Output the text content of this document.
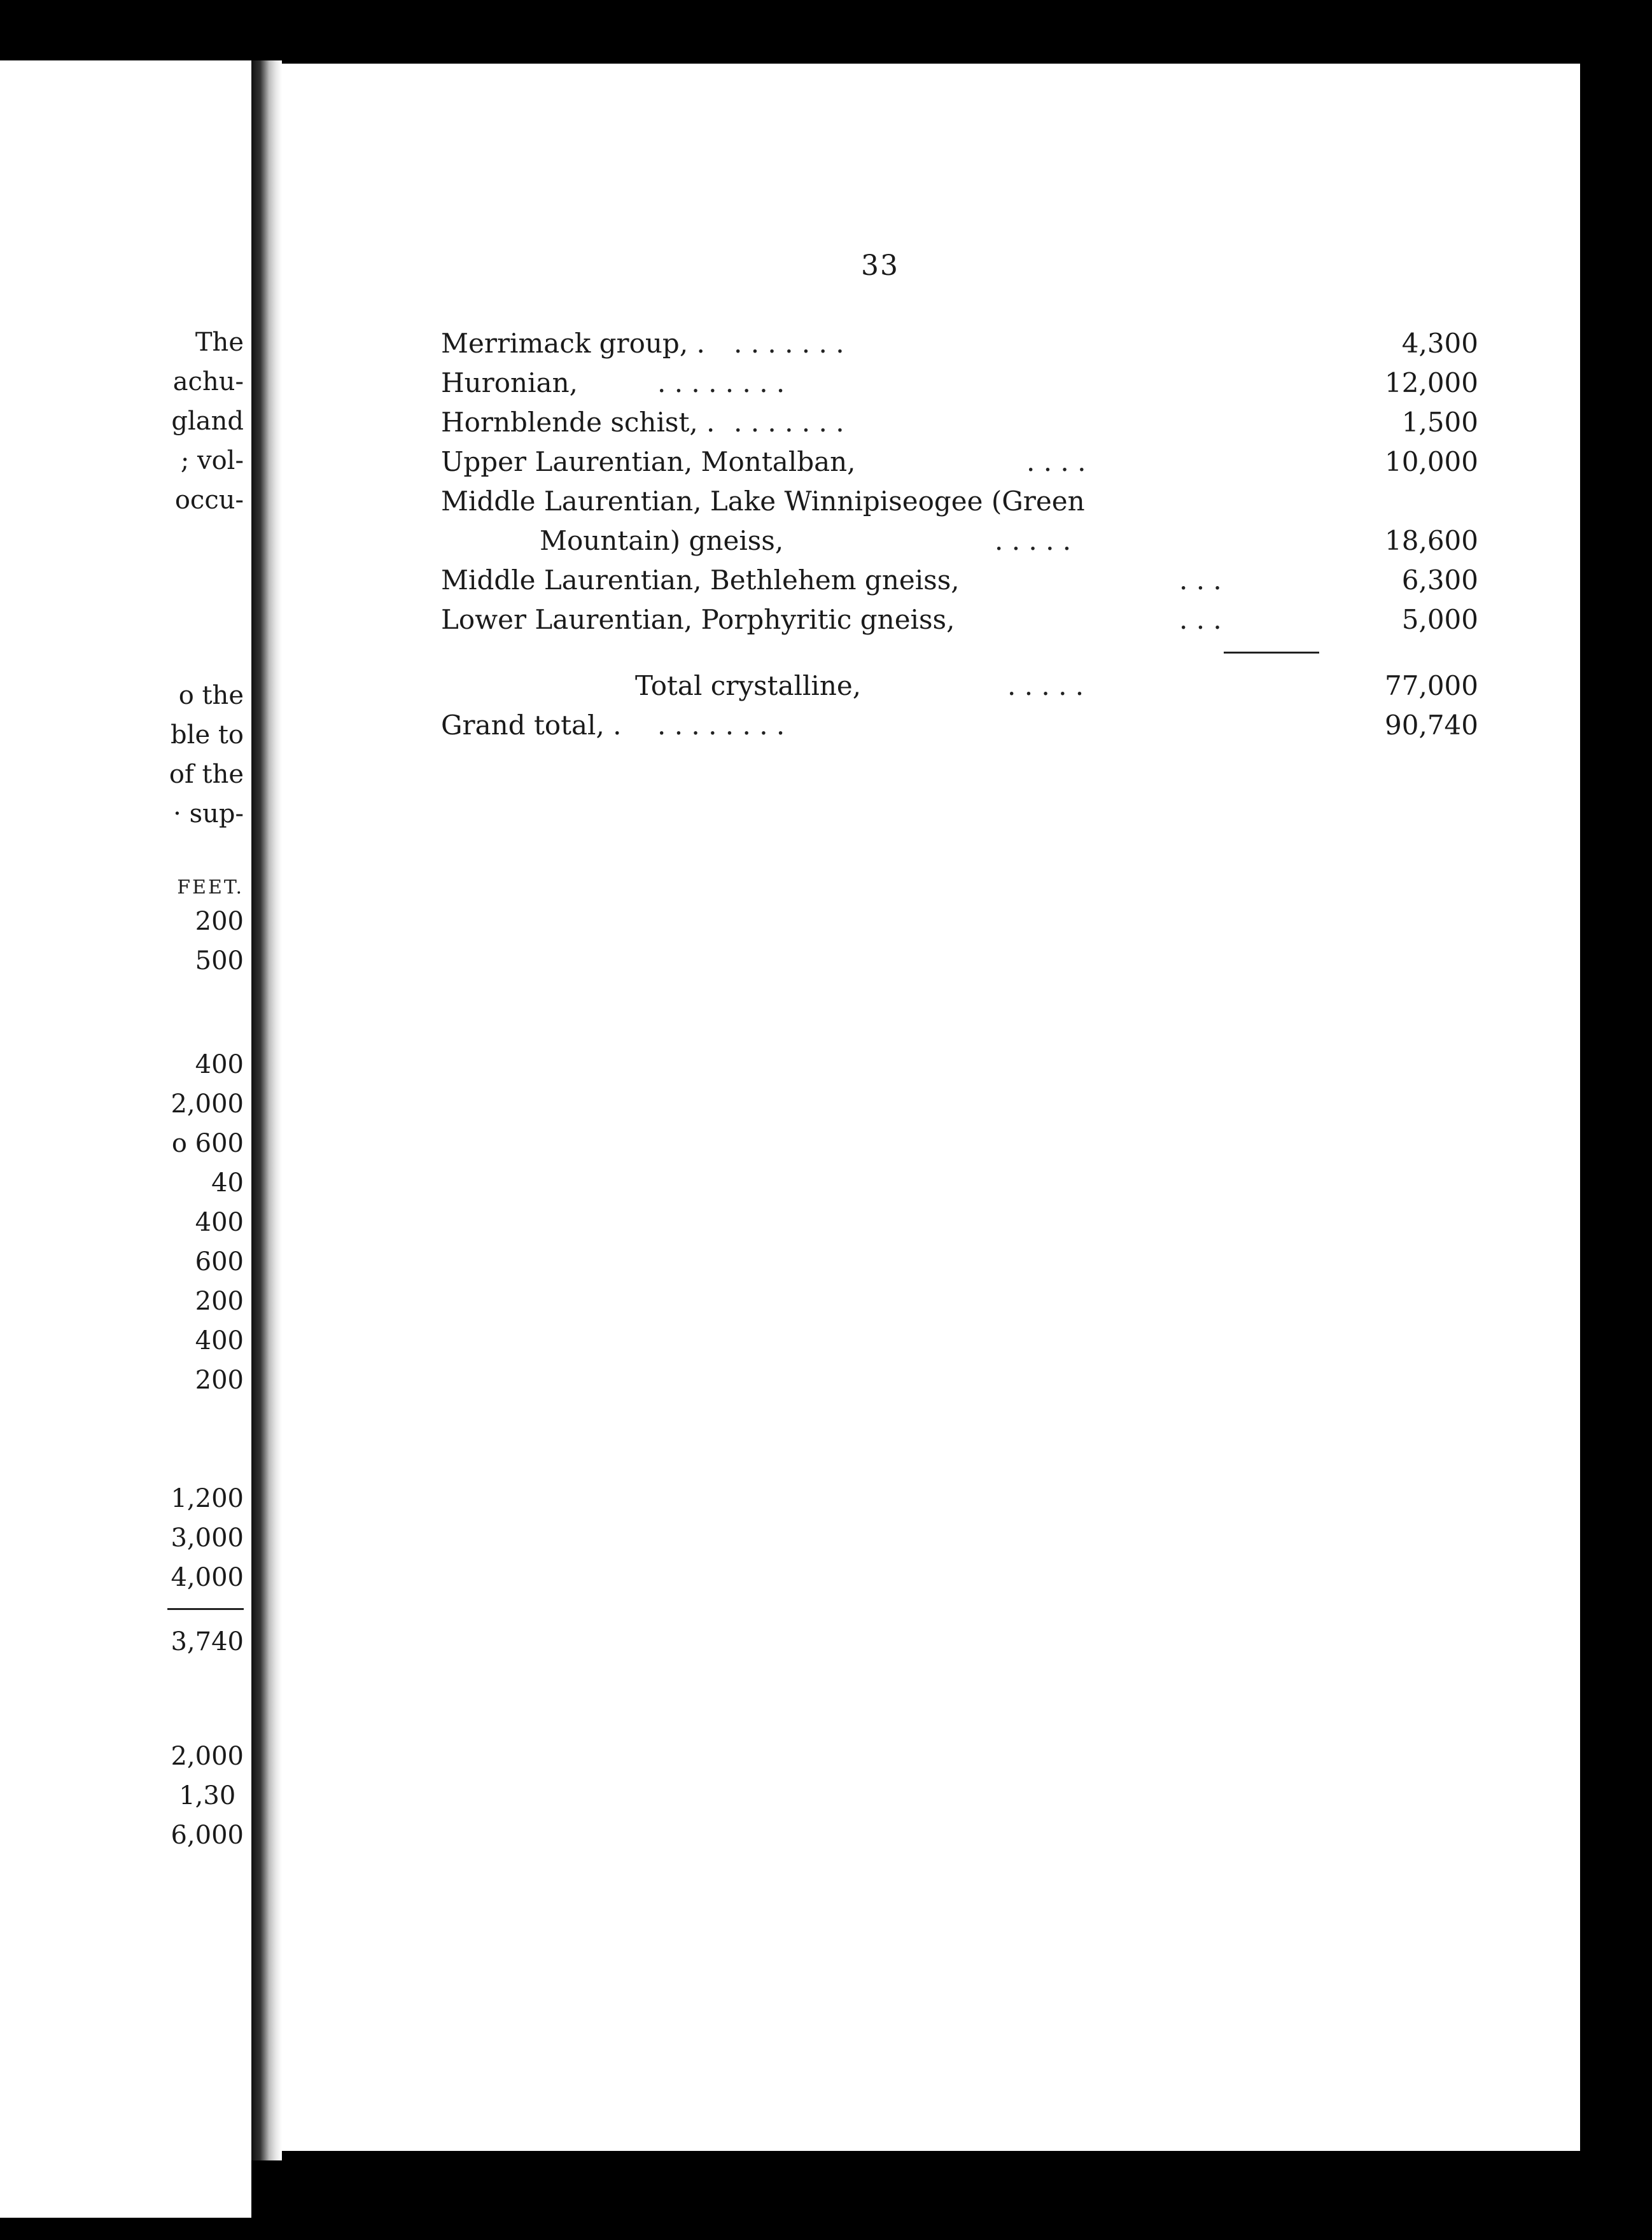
The
achu-
gland
; vol-
occu-
o the
ble to
of the
· sup-
FEET.
200
500
400
2,000
o 600
40
400
600
200
400
200
1,200
3,000
4,000
3,740
2,000
1,30
6,000
33
Merrimack group, . . . . . . . .	4,300
Huronian,	. . . . . . . .	12,000
Hornblende schist, . . . . . . . .	1,500
Upper Laurentian, Montalban,	. . . .	10,000
Middle Laurentian, Lake Winnipiseogee (Green
Mountain) gneiss,	. . . . .	18,600
Middle Laurentian, Bethlehem gneiss,	. . .	6,300
Lower Laurentian, Porphyritic gneiss,	. . .	5,000
Total crystalline,	. . . . .	77,000
Grand total, . . . . . . . . .	90,740
